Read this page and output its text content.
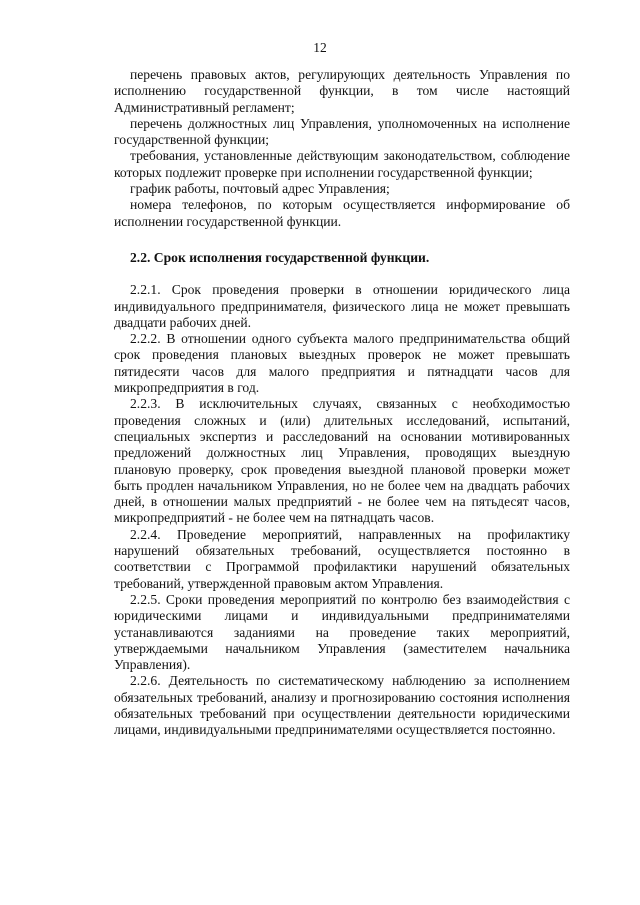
12

перечень правовых актов, регулирующих деятельность Управления по исполнению государственной функции, в том числе настоящий Административный регламент;

перечень должностных лиц Управления, уполномоченных на исполнение государственной функции;

требования, установленные действующим законодательством, соблюдение которых подлежит проверке при исполнении государственной функции;

график работы, почтовый адрес Управления;

номера телефонов, по которым осуществляется информирование об исполнении государственной функции.

2.2. Срок исполнения государственной функции.

2.2.1. Срок проведения проверки в отношении юридического лица индивидуального предпринимателя, физического лица не может превышать двадцати рабочих дней.

2.2.2. В отношении одного субъекта малого предпринимательства общий срок проведения плановых выездных проверок не может превышать пятидесяти часов для малого предприятия и пятнадцати часов для микропредприятия в год.

2.2.3. В исключительных случаях, связанных с необходимостью проведения сложных и (или) длительных исследований, испытаний, специальных экспертиз и расследований на основании мотивированных предложений должностных лиц Управления, проводящих выездную плановую проверку, срок проведения выездной плановой проверки может быть продлен начальником Управления, но не более чем на двадцать рабочих дней, в отношении малых предприятий - не более чем на пятьдесят часов, микропредприятий - не более чем на пятнадцать часов.

2.2.4. Проведение мероприятий, направленных на профилактику нарушений обязательных требований, осуществляется постоянно в соответствии с Программой профилактики нарушений обязательных требований, утвержденной правовым актом Управления.

2.2.5. Сроки проведения мероприятий по контролю без взаимодействия с юридическими лицами и индивидуальными предпринимателями устанавливаются заданиями на проведение таких мероприятий, утверждаемыми начальником Управления (заместителем начальника Управления).

2.2.6. Деятельность по систематическому наблюдению за исполнением обязательных требований, анализу и прогнозированию состояния исполнения обязательных требований при осуществлении деятельности юридическими лицами, индивидуальными предпринимателями осуществляется постоянно.
